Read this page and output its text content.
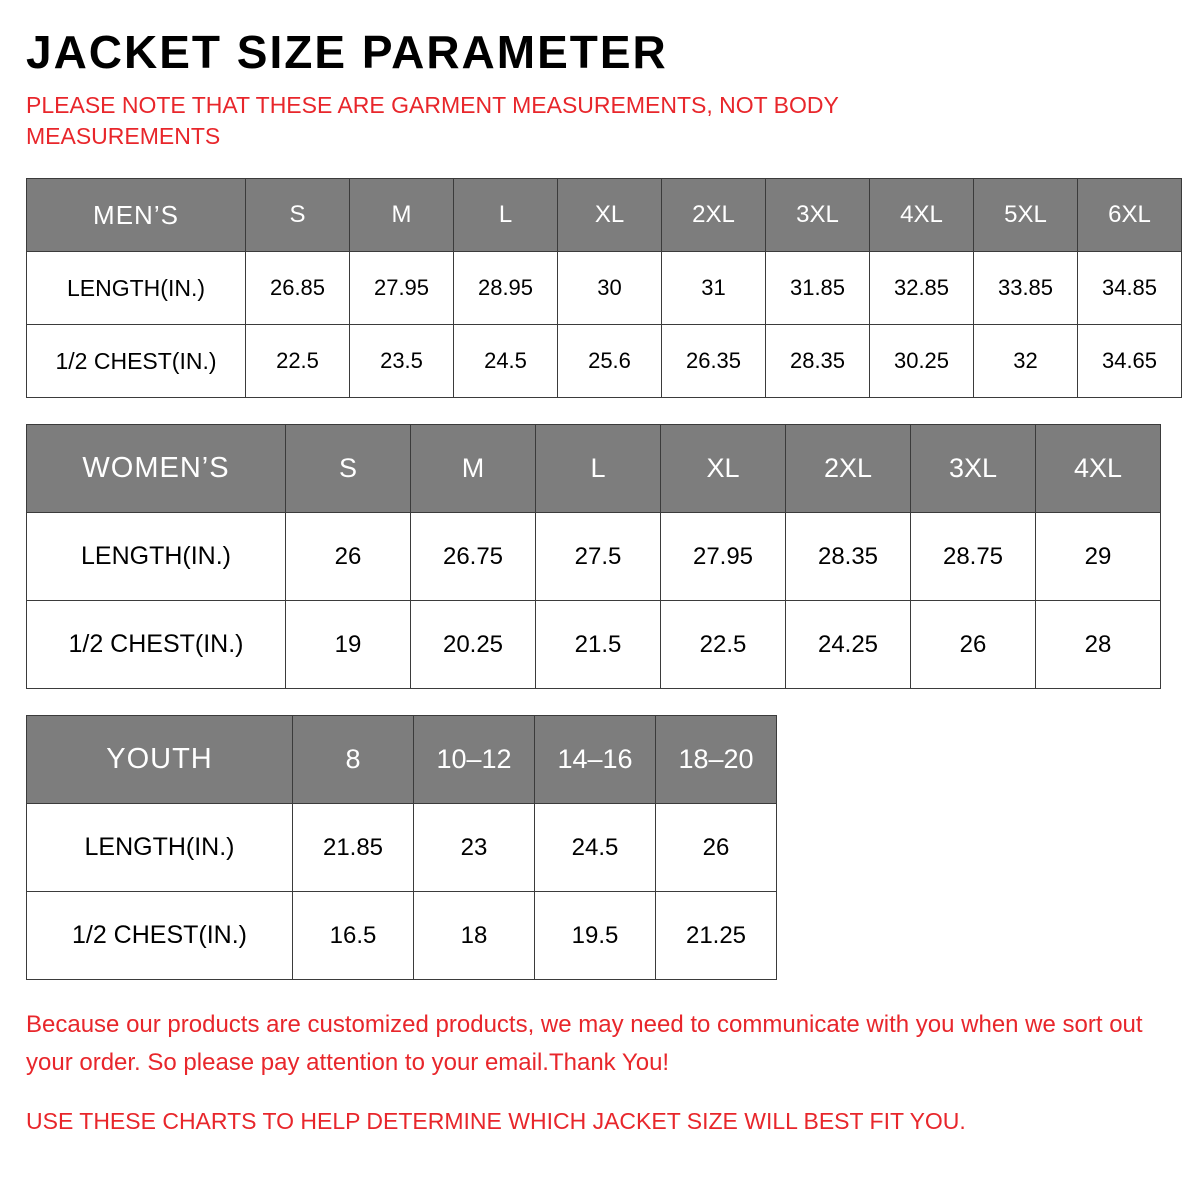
JACKET SIZE PARAMETER

PLEASE NOTE THAT THESE ARE GARMENT MEASUREMENTS, NOT BODY MEASUREMENTS

MEN’S	S	M	L	XL	2XL	3XL	4XL	5XL	6XL
LENGTH(IN.)	26.85	27.95	28.95	30	31	31.85	32.85	33.85	34.85
1/2 CHEST(IN.)	22.5	23.5	24.5	25.6	26.35	28.35	30.25	32	34.65
WOMEN’S	S	M	L	XL	2XL	3XL	4XL
LENGTH(IN.)	26	26.75	27.5	27.95	28.35	28.75	29
1/2 CHEST(IN.)	19	20.25	21.5	22.5	24.25	26	28
YOUTH	8	10–12	14–16	18–20
LENGTH(IN.)	21.85	23	24.5	26
1/2 CHEST(IN.)	16.5	18	19.5	21.25

Because our products are customized products, we may need to communicate with you when we sort out your order. So please pay attention to your email.Thank You!

USE THESE CHARTS TO HELP DETERMINE WHICH JACKET SIZE WILL BEST FIT YOU.
